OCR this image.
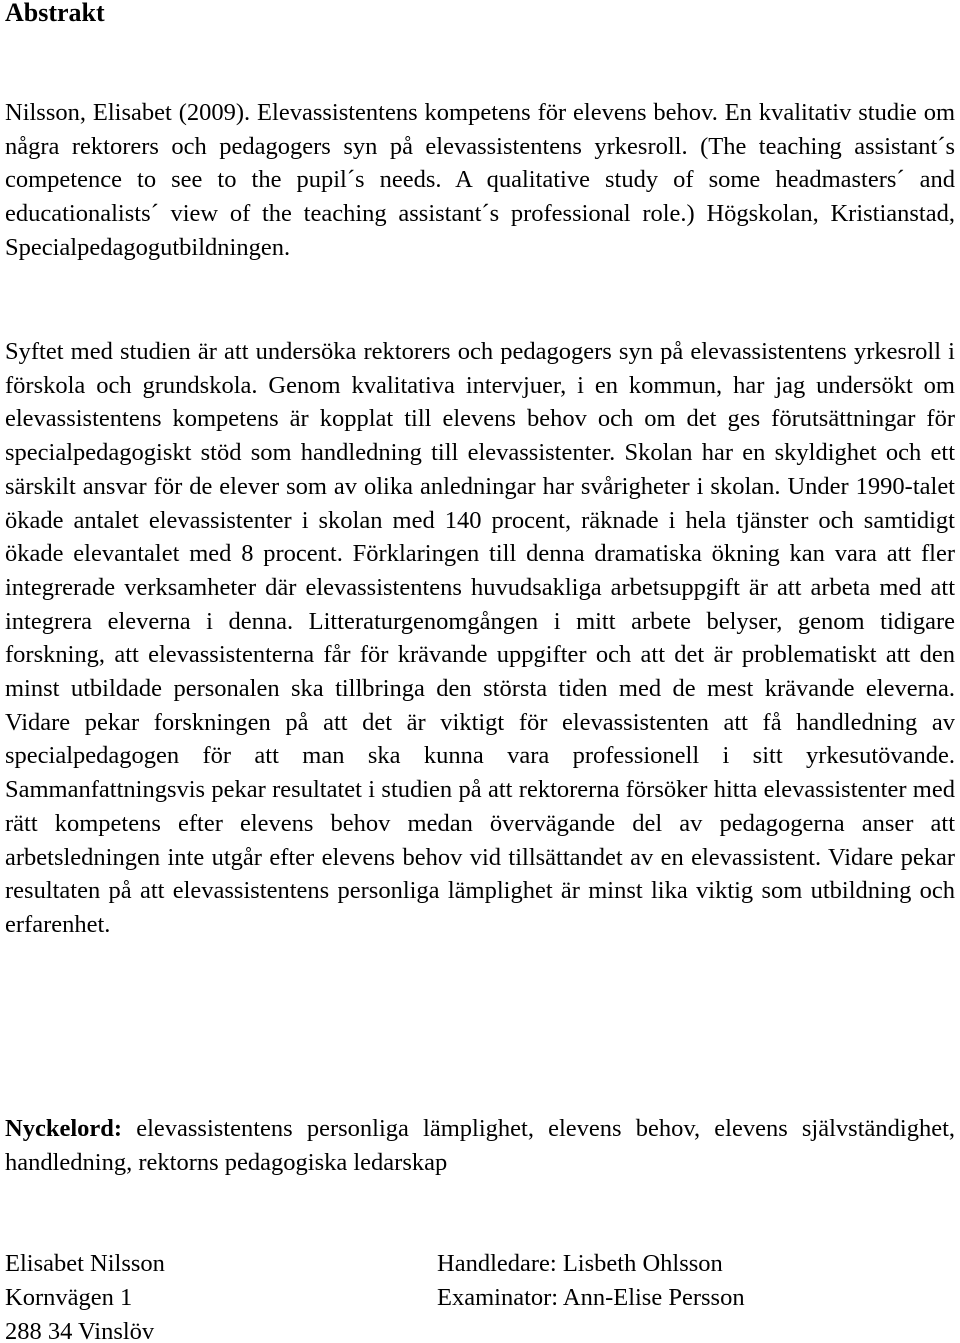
Abstrakt

Nilsson, Elisabet (2009). Elevassistentens kompetens för elevens behov. En kvalitativ studie om några rektorers och pedagogers syn på elevassistentens yrkesroll. (The teaching assistant´s competence to see to the pupil´s needs. A qualitative study of some headmasters´ and educationalists´ view of the teaching assistant´s professional role.) Högskolan, Kristianstad, Specialpedagogutbildningen.

Syftet med studien är att undersöka rektorers och pedagogers syn på elevassistentens yrkesroll i förskola och grundskola. Genom kvalitativa intervjuer, i en kommun, har jag undersökt om elevassistentens kompetens är kopplat till elevens behov och om det ges förutsättningar för specialpedagogiskt stöd som handledning till elevassistenter. Skolan har en skyldighet och ett särskilt ansvar för de elever som av olika anledningar har svårigheter i skolan. Under 1990-talet ökade antalet elevassistenter i skolan med 140 procent, räknade i hela tjänster och samtidigt ökade elevantalet med 8 procent. Förklaringen till denna dramatiska ökning kan vara att fler integrerade verksamheter där elevassistentens huvudsakliga arbetsuppgift är att arbeta med att integrera eleverna i denna. Litteraturgenomgången i mitt arbete belyser, genom tidigare forskning, att elevassistenterna får för krävande uppgifter och att det är problematiskt att den minst utbildade personalen ska tillbringa den största tiden med de mest krävande eleverna. Vidare pekar forskningen på att det är viktigt för elevassistenten att få handledning av specialpedagogen för att man ska kunna vara professionell i sitt yrkesutövande. Sammanfattningsvis pekar resultatet i studien på att rektorerna försöker hitta elevassistenter med rätt kompetens efter elevens behov medan övervägande del av pedagogerna anser att arbetsledningen inte utgår efter elevens behov vid tillsättandet av en elevassistent. Vidare pekar resultaten på att elevassistentens personliga lämplighet är minst lika viktig som utbildning och erfarenhet.

Nyckelord: elevassistentens personliga lämplighet, elevens behov, elevens självständighet, handledning, rektorns pedagogiska ledarskap

Elisabet Nilsson
Kornvägen 1
288 34 Vinslöv
Handledare: Lisbeth Ohlsson
Examinator: Ann-Elise Persson
